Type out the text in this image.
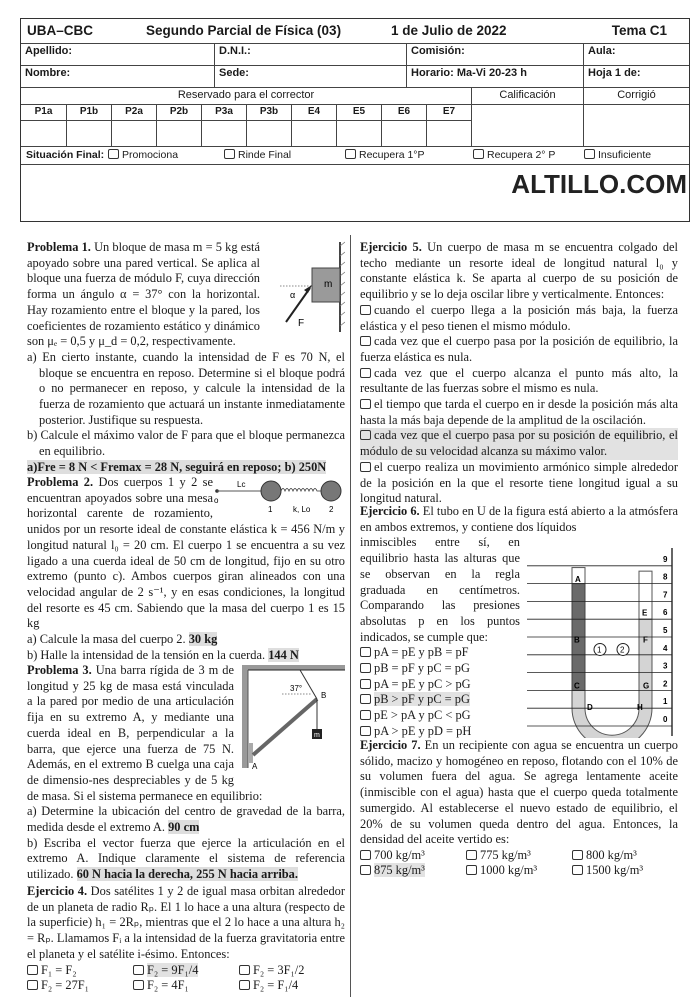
UBA–CBC	Segundo Parcial de Física (03)	1 de Julio de 2022	Tema C1
Apellido:	D.N.I.:	Comisión:	Aula:
Nombre:	Sede:	Horario: Ma-Vi 20-23 h	Hoja 1 de:
Reservado para el corrector	Calificación	Corrigió
P1a	P1b	P2a	P2b	P3a	P3b	E4	E5	E6	E7
Situación Final:	Promociona	Rinde Final	Recupera 1°P	Recupera 2° P	Insuficiente
ALTILLO.COM
m
α
F

Problema 1. Un bloque de masa m = 5 kg está apoyado sobre una pared vertical. Se aplica al bloque una fuerza de módulo F, cuya dirección forma un ángulo α = 37° con la horizontal. Hay rozamiento entre el bloque y la pared, los coeficientes de rozamiento estático y dinámico son μₑ = 0,5 y μ_d = 0,2, respectivamente.

a) En cierto instante, cuando la intensidad de F es 70 N, el bloque se encuentra en reposo. Determine si el bloque podrá o no permanecer en reposo, y calcule la intensidad de la fuerza de rozamiento que actuará un instante inmediatamente posterior. Justifique su respuesta.

b) Calcule el máximo valor de F para que el bloque permanezca en equilibrio.

a)Fre = 8 N < Fremax = 28 N, seguirá en reposo; b) 250N

o
Lc
1	k, Lo 2

Problema 2. Dos cuerpos 1 y 2 se encuentran apoyados sobre una mesa horizontal carente de rozamiento, unidos por un resorte ideal de constante elástica k = 456 N/m y longitud natural l₀ = 20 cm. El cuerpo 1 se encuentra a su vez ligado a una cuerda ideal de 50 cm de longitud, fijo en su otro extremo (punto c). Ambos cuerpos giran alineados con una velocidad angular de 2 s⁻¹, y en esas condiciones, la longitud del resorte es 45 cm. Sabiendo que la masa del cuerpo 1 es 15 kg

a) Calcule la masa del cuerpo 2. 30 kg

b) Halle la intensidad de la tensión en la cuerda. 144 N

m
37°
B
A

Problema 3. Una barra rígida de 3 m de longitud y 25 kg de masa está vinculada a la pared por medio de una articulación fija en su extremo A, y mediante una cuerda ideal en B, perpendicular a la barra, que ejerce una fuerza de 75 N. Además, en el extremo B cuelga una caja de dimensio-nes despreciables y de 5 kg de masa. Si el sistema permanece en equilibrio:

a) Determine la ubicación del centro de gravedad de la barra, medida desde el extremo A. 90 cm

b) Escriba el vector fuerza que ejerce la articulación en el extremo A. Indique claramente el sistema de referencia utilizado. 60 N hacia la derecha, 255 N hacia arriba.

Ejercicio 4. Dos satélites 1 y 2 de igual masa orbitan alrededor de un planeta de radio Rₚ. El 1 lo hace a una altura (respecto de la superficie) h₁ = 2Rₚ, mientras que el 2 lo hace a una altura h₂ = Rₚ. Llamamos Fᵢ a la intensidad de la fuerza gravitatoria entre el planeta y el satélite i-ésimo. Entonces:

F₁ = F₂	F₂ = 9F₁/4	F₂ = 3F₁/2
F₂ = 27F₁	F₂ = 4F₁	F₂ = F₁/4

Ejercicio 5. Un cuerpo de masa m se encuentra colgado del techo mediante un resorte ideal de longitud natural l₀ y constante elástica k. Se aparta al cuerpo de su posición de equilibrio y se lo deja oscilar libre y verticalmente. Entonces:

cuando el cuerpo llega a la posición más baja, la fuerza elástica y el peso tienen el mismo módulo.
cada vez que el cuerpo pasa por la posición de equilibrio, la fuerza elástica es nula.
cada vez que el cuerpo alcanza el punto más alto, la resultante de las fuerzas sobre el mismo es nula.
el tiempo que tarda el cuerpo en ir desde la posición más alta hasta la más baja depende de la amplitud de la oscilación.
cada vez que el cuerpo pasa por su posición de equilibrio, el módulo de su velocidad alcanza su máximo valor.
el cuerpo realiza un movimiento armónico simple alrededor de la posición en la que el resorte tiene longitud igual a su longitud natural.

Ejercicio 6. El tubo en U de la figura está abierto a la atmósfera en ambos extremos, y contiene dos líquidos

inmiscibles entre sí, en equilibrio hasta las alturas que se observan en la regla graduada en centímetros. Comparando las presiones absolutas p en los puntos indicados, se cumple que:

pA = pE y pB = pF
pB = pF y pC = pG
pA = pE y pC > pG
pB > pF y pC = pG
pE > pA y pC < pG
pA > pE y pD = pH
0
1
2
3
4
5
6
7
8
9
A
B
C
D
E
F
G
H
1 2

Ejercicio 7. En un recipiente con agua se encuentra un cuerpo sólido, macizo y homogéneo en reposo, flotando con el 10% de su volumen fuera del agua. Se agrega lentamente aceite (inmiscible con el agua) hasta que el cuerpo queda totalmente sumergido. Al establecerse el nuevo estado de equilibrio, el 20% de su volumen queda dentro del agua. Entonces, la densidad del aceite vertido es:

700 kg/m³	775 kg/m³	800 kg/m³
875 kg/m³	1000 kg/m³	1500 kg/m³
